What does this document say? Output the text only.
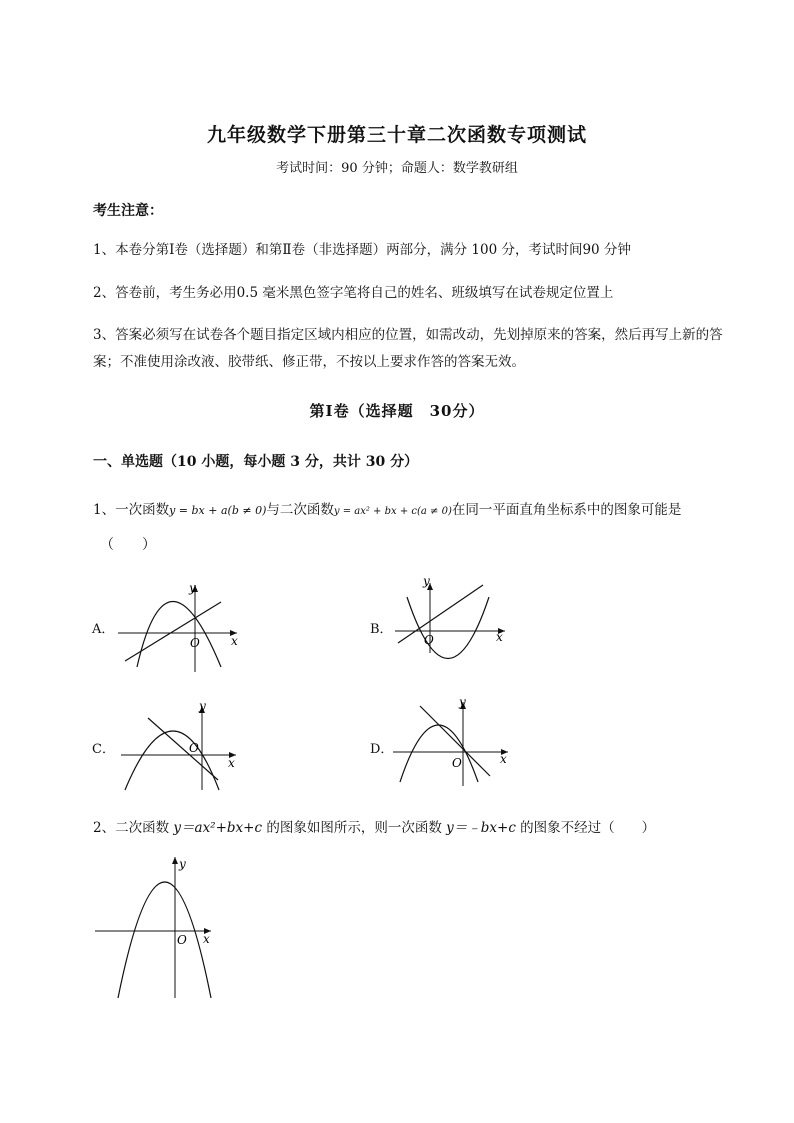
九年级数学下册第三十章二次函数专项测试
考试时间：90 分钟；命题人：数学教研组
考生注意：
1、本卷分第Ⅰ卷（选择题）和第Ⅱ卷（非选择题）两部分，满分 100 分，考试时间90 分钟
2、答卷前，考生务必用0.5 毫米黑色签字笔将自己的姓名、班级填写在试卷规定位置上
3、答案必须写在试卷各个题目指定区域内相应的位置，如需改动，先划掉原来的答案，然后再写上新的答案；不准使用涂改液、胶带纸、修正带，不按以上要求作答的答案无效。
第Ⅰ卷（选择题　30分）
一、单选题（10 小题，每小题 3 分，共计 30 分）
1、一次函数y = bx + a(b ≠ 0)与二次函数y = ax² + bx + c(a ≠ 0)在同一平面直角坐标系中的图象可能是
（　　）
A．	B．
C．	D．
y
x
O
y
x
O
y
x
O
y
x
O
2、二次函数 y＝ax²+bx+c 的图象如图所示，则一次函数 y＝﹣bx+c 的图象不经过（　　）
y
x
O
